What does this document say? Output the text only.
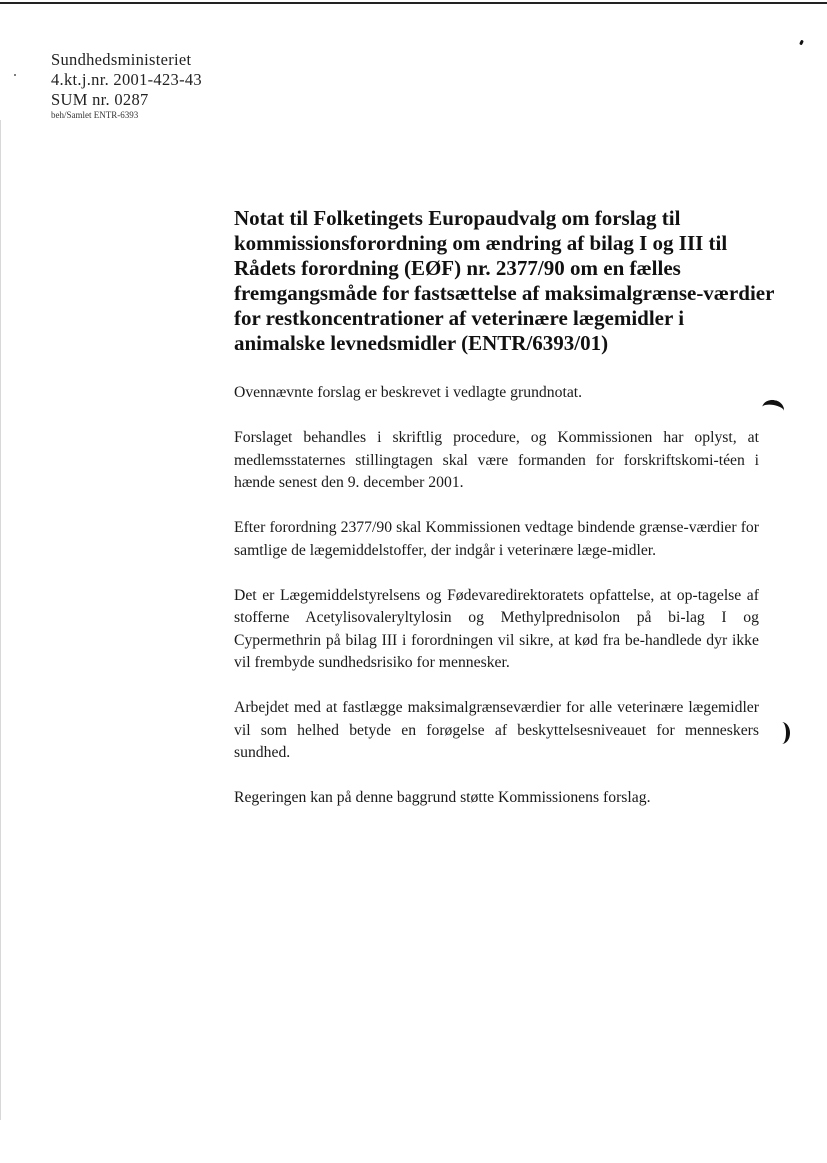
Sundhedsministeriet
4.kt.j.nr. 2001-423-43
SUM nr. 0287
beh/Samlet ENTR-6393
Notat til Folketingets Europaudvalg om forslag til kommissionsforordning om ændring af bilag I og III til Rådets forordning (EØF) nr. 2377/90 om en fælles fremgangsmåde for fastsættelse af maksimalgrænse-værdier for restkoncentrationer af veterinære lægemidler i animalske levnedsmidler (ENTR/6393/01)

Ovennævnte forslag er beskrevet i vedlagte grundnotat.

Forslaget behandles i skriftlig procedure, og Kommissionen har oplyst, at medlemsstaternes stillingtagen skal være formanden for forskriftskomi-téen i hænde senest den 9. december 2001.

Efter forordning 2377/90 skal Kommissionen vedtage bindende grænse-værdier for samtlige de lægemiddelstoffer, der indgår i veterinære læge-midler.

Det er Lægemiddelstyrelsens og Fødevaredirektoratets opfattelse, at op-tagelse af stofferne Acetylisovaleryltylosin og Methylprednisolon på bi-lag I og Cypermethrin på bilag III i forordningen vil sikre, at kød fra be-handlede dyr ikke vil frembyde sundhedsrisiko for mennesker.

Arbejdet med at fastlægge maksimalgrænseværdier for alle veterinære lægemidler vil som helhed betyde en forøgelse af beskyttelsesniveauet for menneskers sundhed.

Regeringen kan på denne baggrund støtte Kommissionens forslag.
